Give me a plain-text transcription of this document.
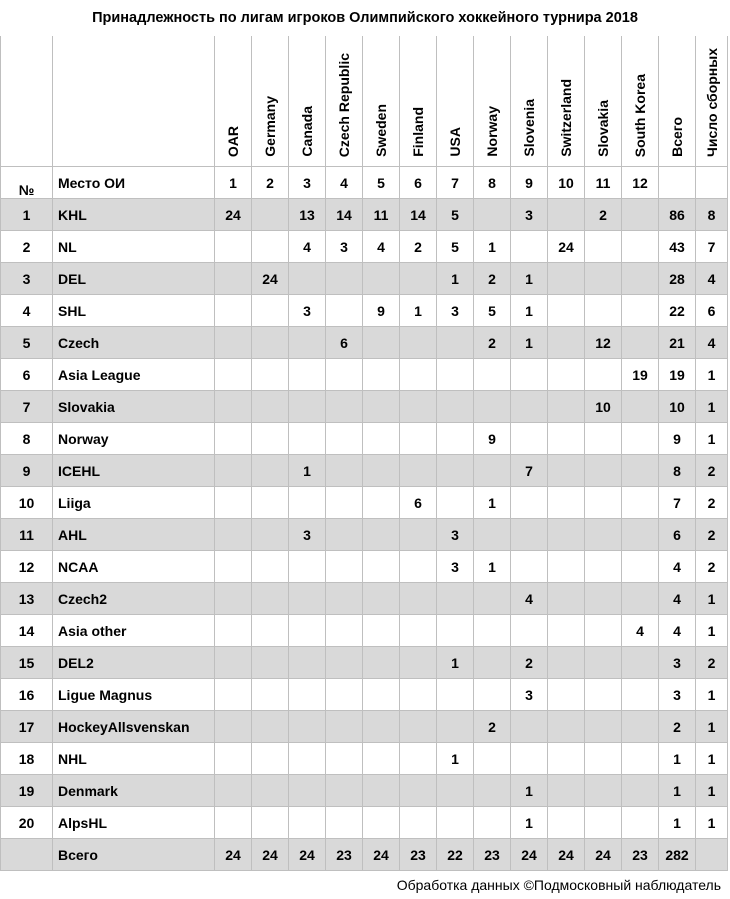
Принадлежность по лигам игроков Олимпийского хоккейного турнира 2018
		OAR	Germany	Canada	Czech Republic	Sweden	Finland	USA	Norway	Slovenia	Switzerland	Slovakia	South Korea	Всего	Число сборных
№	Место ОИ	1	2	3	4	5	6	7	8	9	10	11	12		
1	KHL	24		13	14	11	14	5		3		2		86	8
2	NL			4	3	4	2	5	1		24			43	7
3	DEL		24					1	2	1				28	4
4	SHL			3		9	1	3	5	1				22	6
5	Czech				6				2	1		12		21	4
6	Asia League												19	19	1
7	Slovakia											10		10	1
8	Norway								9					9	1
9	ICEHL			1						7				8	2
10	Liiga						6		1					7	2
11	AHL			3				3						6	2
12	NCAA							3	1					4	2
13	Czech2									4				4	1
14	Asia other												4	4	1
15	DEL2							1		2				3	2
16	Ligue Magnus									3				3	1
17	HockeyAllsvenskan								2					2	1
18	NHL							1						1	1
19	Denmark									1				1	1
20	AlpsHL									1				1	1
	Всего	24	24	24	23	24	23	22	23	24	24	24	23	282	
Обработка данных ©Подмосковный наблюдатель
